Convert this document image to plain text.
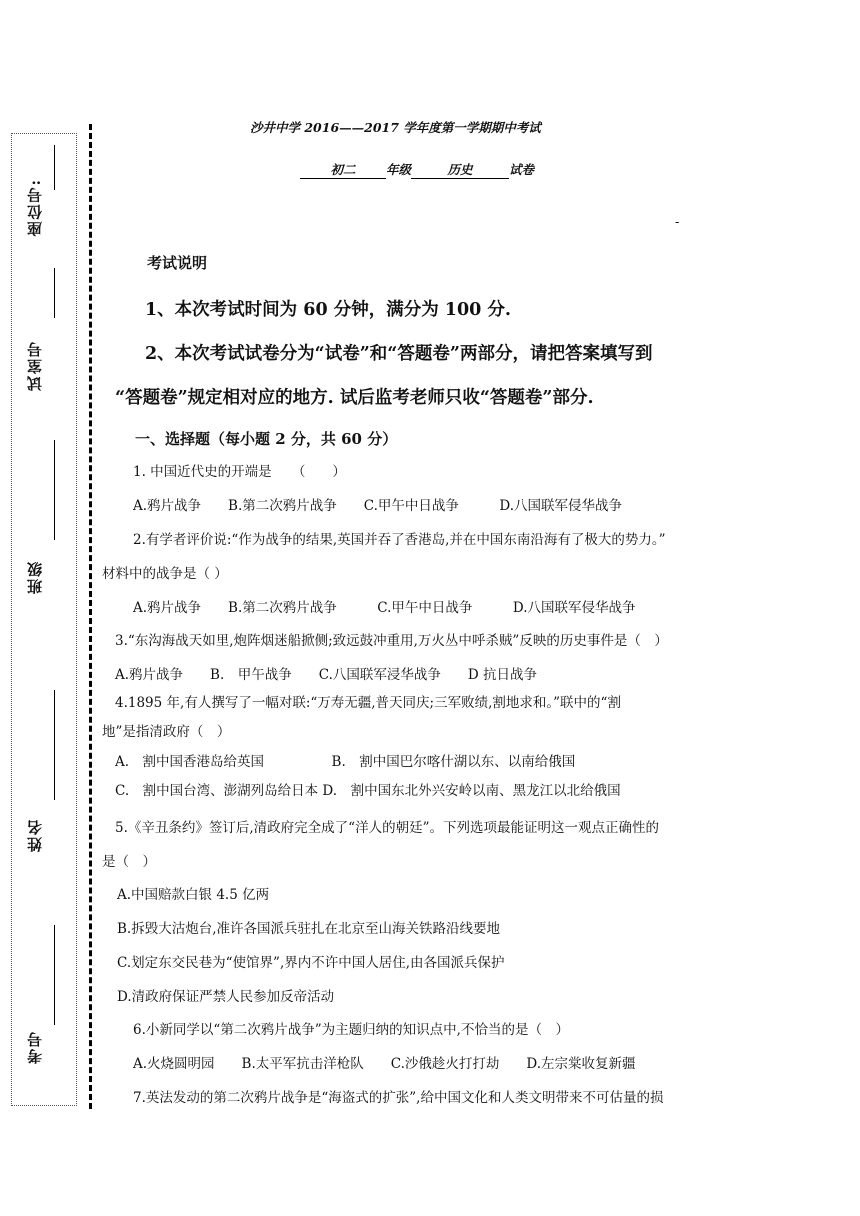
座位号:
试室号
班级
姓名
考号
沙井中学 2016——2017 学年度第一学期期中考试
初二 年级	历史	试卷
-
考试说明
1、本次考试时间为 60 分钟，满分为 100 分.
2、本次考试试卷分为“试卷”和“答题卷”两部分，请把答案填写到
“答题卷”规定相对应的地方. 试后监考老师只收“答题卷”部分.
一、选择题（每小题 2 分，共 60 分）
1. 中国近代史的开端是　　（　　）
A.鸦片战争　　B.第二次鸦片战争　　C.甲午中日战争　　　D.八国联军侵华战争
2.有学者评价说:“作为战争的结果,英国并吞了香港岛,并在中国东南沿海有了极大的势力。”
材料中的战争是（ ）
A.鸦片战争　　B.第二次鸦片战争　　　C.甲午中日战争　　　D.八国联军侵华战争
3.“东沟海战天如里,炮阵烟迷船掀侧;致远鼓冲重用,万火丛中呼杀贼”反映的历史事件是（　）
A.鸦片战争　　B.　甲午战争　　C.八国联军浸华战争　　D 抗日战争
4.1895 年,有人撰写了一幅对联:“万寿无疆,普天同庆;三军败绩,割地求和。”联中的“割
地”是指清政府（　）
A.　割中国香港岛给英国　　　　　B.　割中国巴尔喀什湖以东、以南给俄国
C.　割中国台湾、澎湖列岛给日本 D.　割中国东北外兴安岭以南、黑龙江以北给俄国
5.《辛丑条约》签订后,清政府完全成了“洋人的朝廷”。下列选项最能证明这一观点正确性的
是（　）
A.中国赔款白银 4.5 亿两
B.拆毁大沽炮台,准许各国派兵驻扎在北京至山海关铁路沿线要地
C.划定东交民巷为“使馆界”,界内不许中国人居住,由各国派兵保护
D.清政府保证严禁人民参加反帝活动
6.小新同学以“第二次鸦片战争”为主题归纳的知识点中,不恰当的是（　）
A.火烧圆明园　　B.太平军抗击洋枪队　　C.沙俄趁火打打劫　　D.左宗棠收复新疆
7.英法发动的第二次鸦片战争是“海盗式的扩张”,给中国文化和人类文明带来不可估量的损
